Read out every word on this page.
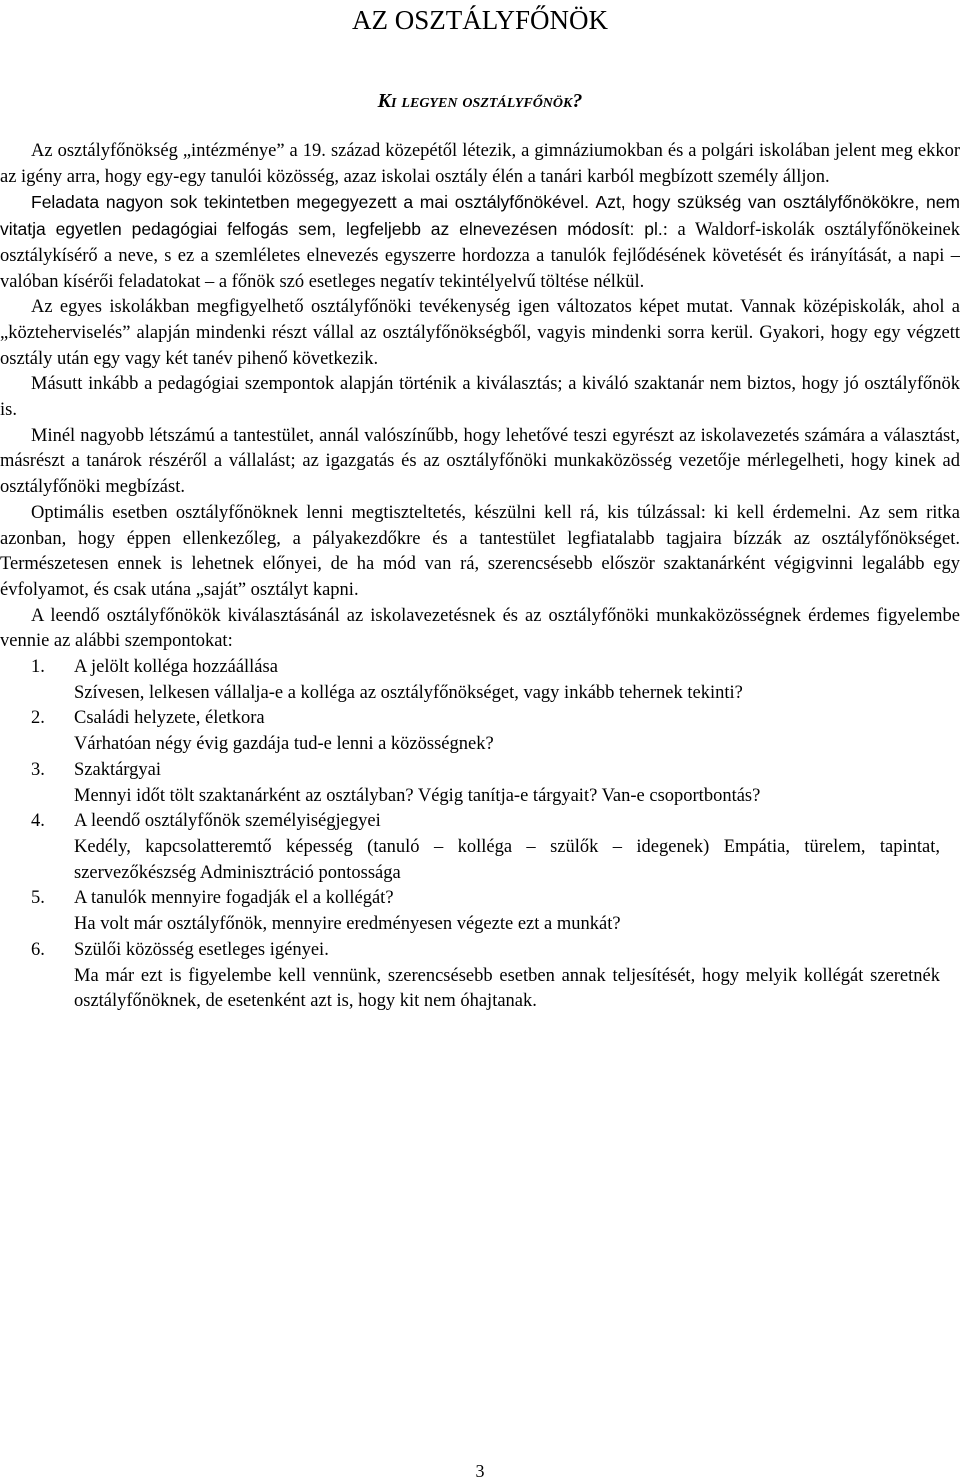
AZ OSZTÁLYFŐNÖK
Ki legyen osztályfőnök?

Az osztályfőnökség „intézménye” a 19. század közepétől létezik, a gimnáziumokban és a polgári iskolában jelent meg ekkor az igény arra, hogy egy-egy tanulói közösség, azaz iskolai osztály élén a tanári karból megbízott személy álljon.

Feladata nagyon sok tekintetben megegyezett a mai osztályfőnökével. Azt, hogy szükség van osztályfőnökökre, nem vitatja egyetlen pedagógiai felfogás sem, legfeljebb az elnevezésen módosít: pl.: a Waldorf-iskolák osztályfőnökeinek osztálykísérő a neve, s ez a szemléletes elnevezés egyszerre hordozza a tanulók fejlődésének követését és irányítását, a napi ‒ valóban kísérői feladatokat ‒ a főnök szó esetleges negatív tekintélyelvű töltése nélkül.

Az egyes iskolákban megfigyelhető osztályfőnöki tevékenység igen változatos képet mutat. Vannak középiskolák, ahol a „közteherviselés” alapján mindenki részt vállal az osztályfőnökségből, vagyis mindenki sorra kerül. Gyakori, hogy egy végzett osztály után egy vagy két tanév pihenő következik.

Másutt inkább a pedagógiai szempontok alapján történik a kiválasztás; a kiváló szaktanár nem biztos, hogy jó osztályfőnök is.

Minél nagyobb létszámú a tantestület, annál valószínűbb, hogy lehetővé teszi egyrészt az iskolavezetés számára a választást, másrészt a tanárok részéről a vállalást; az igazgatás és az osztályfőnöki munkaközösség vezetője mérlegelheti, hogy kinek ad osztályfőnöki megbízást.

Optimális esetben osztályfőnöknek lenni megtiszteltetés, készülni kell rá, kis túlzással: ki kell érdemelni. Az sem ritka azonban, hogy éppen ellenkezőleg, a pályakezdőkre és a tantestület legfiatalabb tagjaira bízzák az osztályfőnökséget. Természetesen ennek is lehetnek előnyei, de ha mód van rá, szerencsésebb először szaktanárként végigvinni legalább egy évfolyamot, és csak utána „saját” osztályt kapni.

A leendő osztályfőnökök kiválasztásánál az iskolavezetésnek és az osztályfőnöki munkaközösségnek érdemes figyelembe vennie az alábbi szempontokat:

1. A jelölt kolléga hozzáállása
Szívesen, lelkesen vállalja-e a kolléga az osztályfőnökséget, vagy inkább tehernek tekinti?
2. Családi helyzete, életkora
Várhatóan négy évig gazdája tud-e lenni a közösségnek?
3. Szaktárgyai
Mennyi időt tölt szaktanárként az osztályban? Végig tanítja-e tárgyait? Van-e csoportbontás?
4. A leendő osztályfőnök személyiségjegyei
Kedély, kapcsolatteremtő képesség (tanuló ‒ kolléga ‒ szülők ‒ idegenek) Empátia, türelem, tapintat, szervezőkészség Adminisztráció pontossága
5. A tanulók mennyire fogadják el a kollégát?
Ha volt már osztályfőnök, mennyire eredményesen végezte ezt a munkát?
6. Szülői közösség esetleges igényei.
Ma már ezt is figyelembe kell vennünk, szerencsésebb esetben annak teljesítését, hogy melyik kollégát szeretnék osztályfőnöknek, de esetenként azt is, hogy kit nem óhajtanak.
3
